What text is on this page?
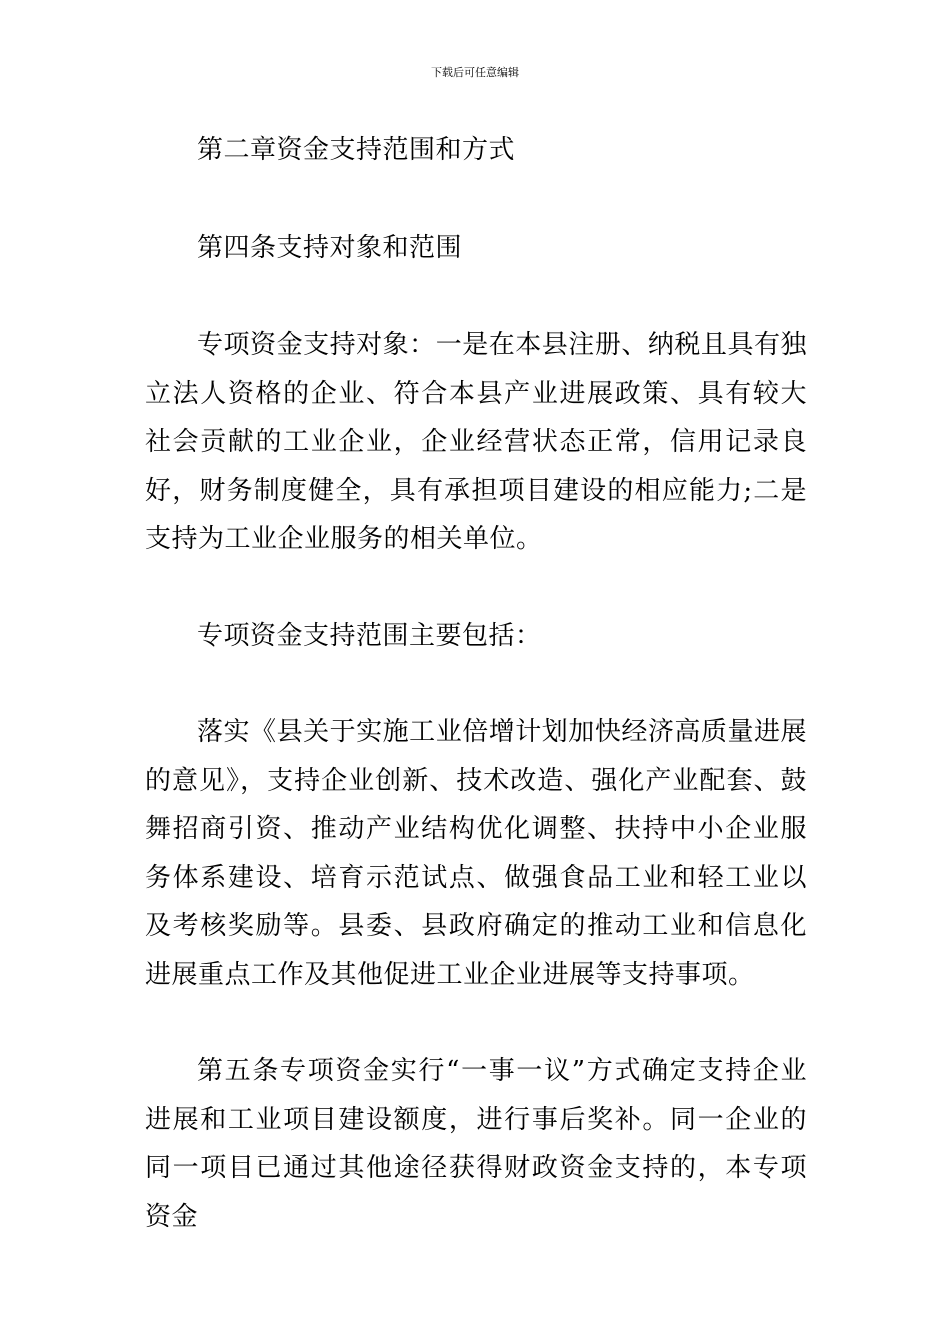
下载后可任意编辑

第二章资金支持范围和方式

第四条支持对象和范围

专项资金支持对象：一是在本县注册、纳税且具有独立法人资格的企业、符合本县产业进展政策、具有较大社会贡献的工业企业，企业经营状态正常，信用记录良好，财务制度健全，具有承担项目建设的相应能力;二是支持为工业企业服务的相关单位。

专项资金支持范围主要包括：

落实《县关于实施工业倍增计划加快经济高质量进展的意见》，支持企业创新、技术改造、强化产业配套、鼓舞招商引资、推动产业结构优化调整、扶持中小企业服务体系建设、培育示范试点、做强食品工业和轻工业以及考核奖励等。县委、县政府确定的推动工业和信息化进展重点工作及其他促进工业企业进展等支持事项。

第五条专项资金实行“一事一议”方式确定支持企业进展和工业项目建设额度，进行事后奖补。同一企业的同一项目已通过其他途径获得财政资金支持的，本专项资金
